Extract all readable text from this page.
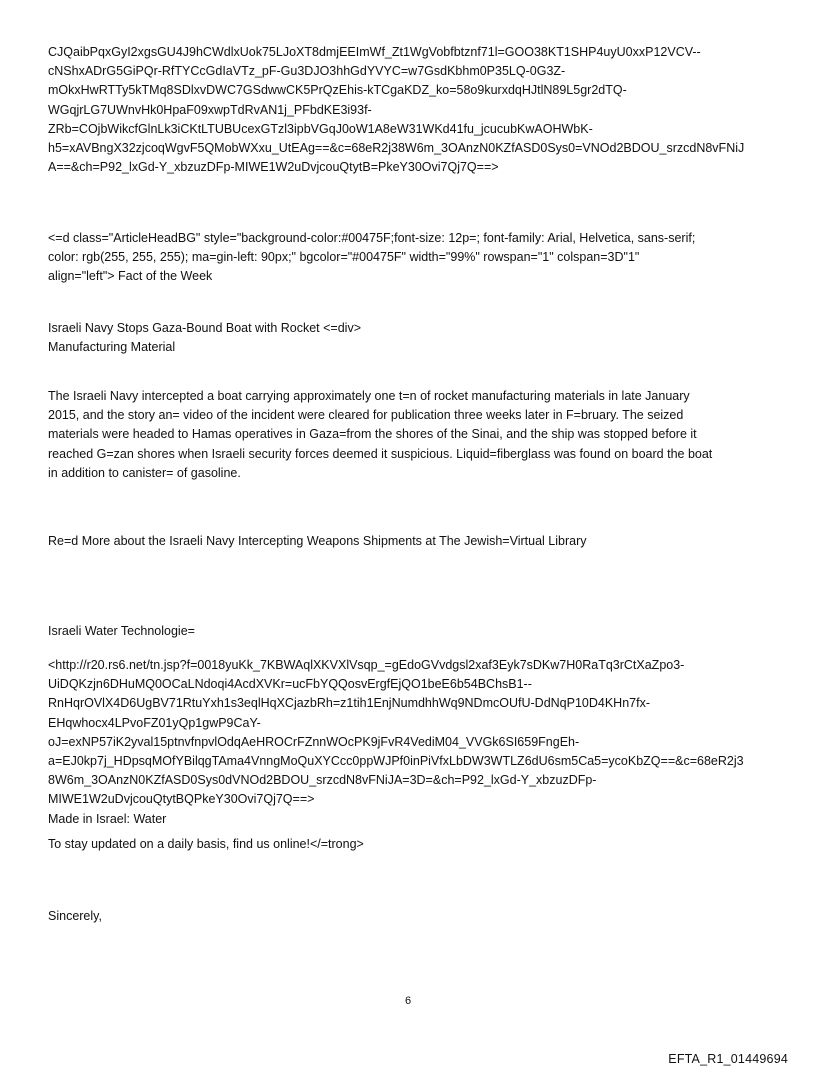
CJQaibPqxGyI2xgsGU4J9hCWdlxUok75LJoXT8dmjEEImWf_Zt1WgVobfbtznf71l=GOO38KT1SHP4uyU0xxP12VCV--
cNShxADrG5GiPQr-RfTYCcGdIaVTz_pF-Gu3DJO3hhGdYVYC=w7GsdKbhm0P35LQ-0G3Z-
mOkxHwRTTy5kTMq8SDlxvDWC7GSdwwCK5PrQzEhis-kTCgaKDZ_ko=58o9kurxdqHJtlN89L5gr2dTQ-
WGqjrLG7UWnvHk0HpaF09xwpTdRvAN1j_PFbdKE3i93f-
ZRb=COjbWikcfGlnLk3iCKtLTUBUcexGTzl3ipbVGqJ0oW1A8eW31WKd41fu_jcucubKwAOHWbK-
h5=xAVBngX32zjcoqWgvF5QMobWXxu_UtEAg==&c=68eR2j38W6m_3OAnzN0KZfASD0Sys0=VNOd2BDOU_srzcdN8vFNiJ
A==&ch=P92_lxGd-Y_xbzuzDFp-MIWE1W2uDvjcouQtytB=PkeY30Ovi7Qj7Q==>
<=d class="ArticleHeadBG" style="background-color:#00475F;font-size: 12p=; font-family: Arial, Helvetica, sans-serif;
color: rgb(255, 255, 255); ma=gin-left: 90px;" bgcolor="#00475F" width="99%" rowspan="1" colspan=3D"1"
align="left"> Fact of the Week
Israeli Navy Stops Gaza-Bound Boat with Rocket <=div>
Manufacturing Material
The Israeli Navy intercepted a boat carrying approximately one t=n of rocket manufacturing materials in late January
2015, and the story an= video of the incident were cleared for publication three weeks later in F=bruary. The seized
materials were headed to Hamas operatives in Gaza=from the shores of the Sinai, and the ship was stopped before it
reached G=zan shores when Israeli security forces deemed it suspicious. Liquid=fiberglass was found on board the boat
in addition to canister= of gasoline.
Re=d More about the Israeli Navy Intercepting Weapons Shipments at The Jewish=Virtual Library
Israeli Water Technologie=
<http://r20.rs6.net/tn.jsp?f=0018yuKk_7KBWAqlXKVXlVsqp_=gEdoGVvdgsl2xaf3Eyk7sDKw7H0RaTq3rCtXaZpo3-
UiDQKzjn6DHuMQ0OCaLNdoqi4AcdXVKr=ucFbYQQosvErgfEjQO1beE6b54BChsB1--
RnHqrOVlX4D6UgBV71RtuYxh1s3eqlHqXCjazbRh=z1tih1EnjNumdhhWq9NDmcOUfU-DdNqP10D4KHn7fx-
EHqwhocx4LPvoFZ01yQp1gwP9CaY-
oJ=exNP57iK2yval15ptnvfnpvlOdqAeHROCrFZnnWOcPK9jFvR4VediM04_VVGk6SI659FngEh-
a=EJ0kp7j_HDpsqMOfYBilqgTAma4VnngMoQuXYCcc0ppWJPf0inPiVfxLbDW3WTLZ6dU6sm5Ca5=ycoKbZQ==&c=68eR2j3
8W6m_3OAnzN0KZfASD0Sys0dVNOd2BDOU_srzcdN8vFNiJA=3D=&ch=P92_lxGd-Y_xbzuzDFp-
MIWE1W2uDvjcouQtytBQPkeY30Ovi7Qj7Q==>
Made in Israel: Water
To stay updated on a daily basis, find us online!</=trong>
Sincerely,
6
EFTA_R1_01449694
